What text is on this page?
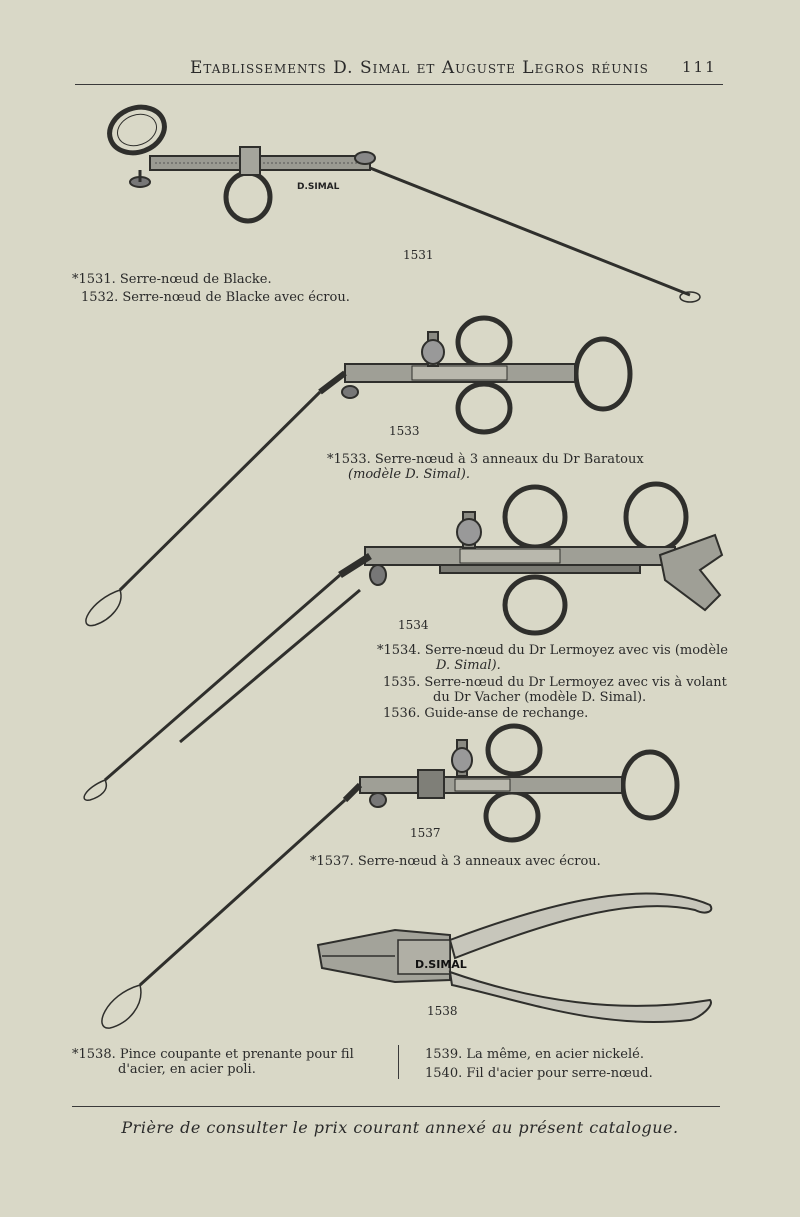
Etablissements D. Simal et Auguste Legros réunis 111
D.SIMAL
D.SIMAL
1531
1533
1534
1537
1538
*1531. Serre-nœud de Blacke.
1532. Serre-nœud de Blacke avec écrou.
*1533. Serre-nœud à 3 anneaux du Dr Baratoux
(modèle D. Simal).
*1534. Serre-nœud du Dr Lermoyez avec vis (modèle
D. Simal).
1535. Serre-nœud du Dr Lermoyez avec vis à volant
du Dr Vacher (modèle D. Simal).
1536. Guide-anse de rechange.
*1537. Serre-nœud à 3 anneaux avec écrou.
*1538. Pince coupante et prenante pour fil
d'acier, en acier poli.
1539. La même, en acier nickelé.
1540. Fil d'acier pour serre-nœud.
Prière de consulter le prix courant annexé au présent catalogue.
